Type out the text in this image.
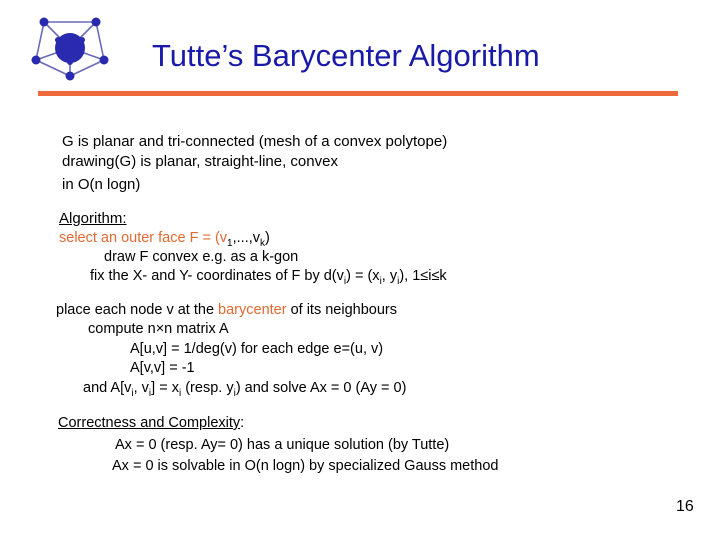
Tutte’s Barycenter Algorithm
G is planar and tri-connected (mesh of a convex polytope)
drawing(G) is planar, straight-line, convex
in O(n logn)
Algorithm:
select an outer face $F = (v_1,...,v_k)$
draw F convex e.g. as a k-gon
fix the X- and Y- coordinates of F by $d(v_i) = (x_i$, $y_i$), 1≤i≤k
place each node v at the barycenter of its neighbours
compute n×n matrix A
A[u,v] = 1/deg(v) for each edge e=(u, v)
A[v,v] = -1
and $A[v_i$, $v_i] = x_i$ (resp. $y_i$) and solve Ax = 0 (Ay = 0)
Correctness and Complexity:
Ax = 0 (resp. Ay= 0) has a unique solution (by Tutte)
Ax = 0 is solvable in O(n logn) by specialized Gauss method
16
